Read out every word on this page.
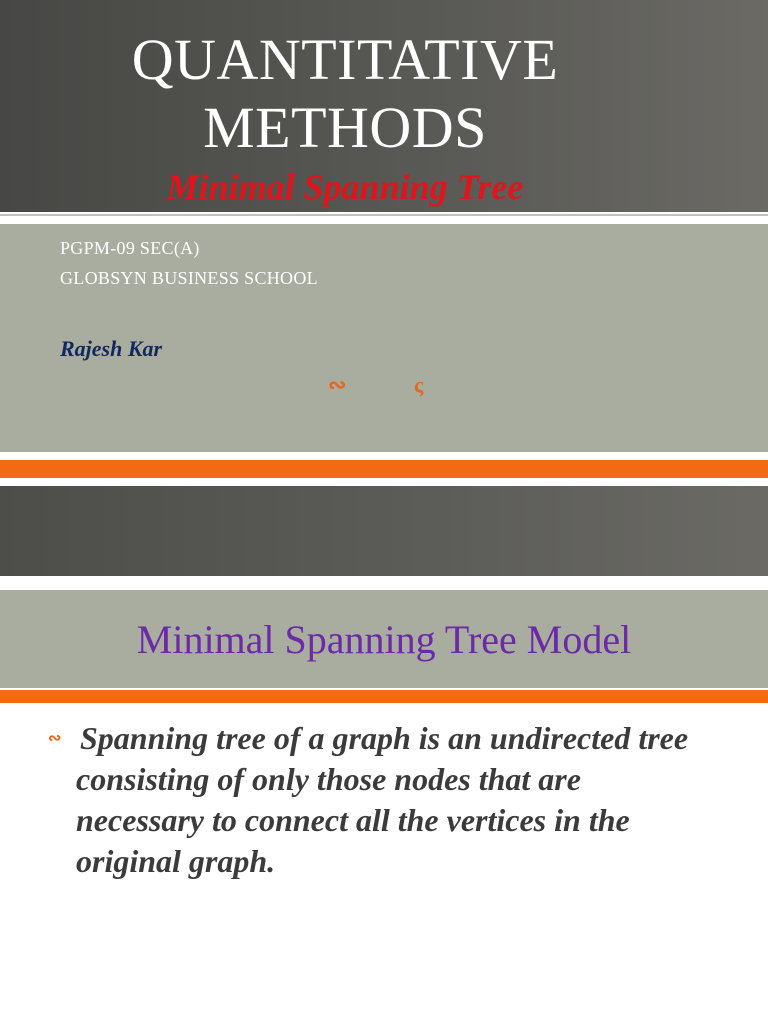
QUANTITATIVE
METHODS
Minimal Spanning Tree
PGPM-09 SEC(A)
GLOBSYN BUSINESS SCHOOL
Rajesh Kar
∾	ς
Minimal Spanning Tree Model
∾ Spanning tree of a graph is an undirected tree consisting of only those nodes that are necessary to connect all the vertices in the original graph.
